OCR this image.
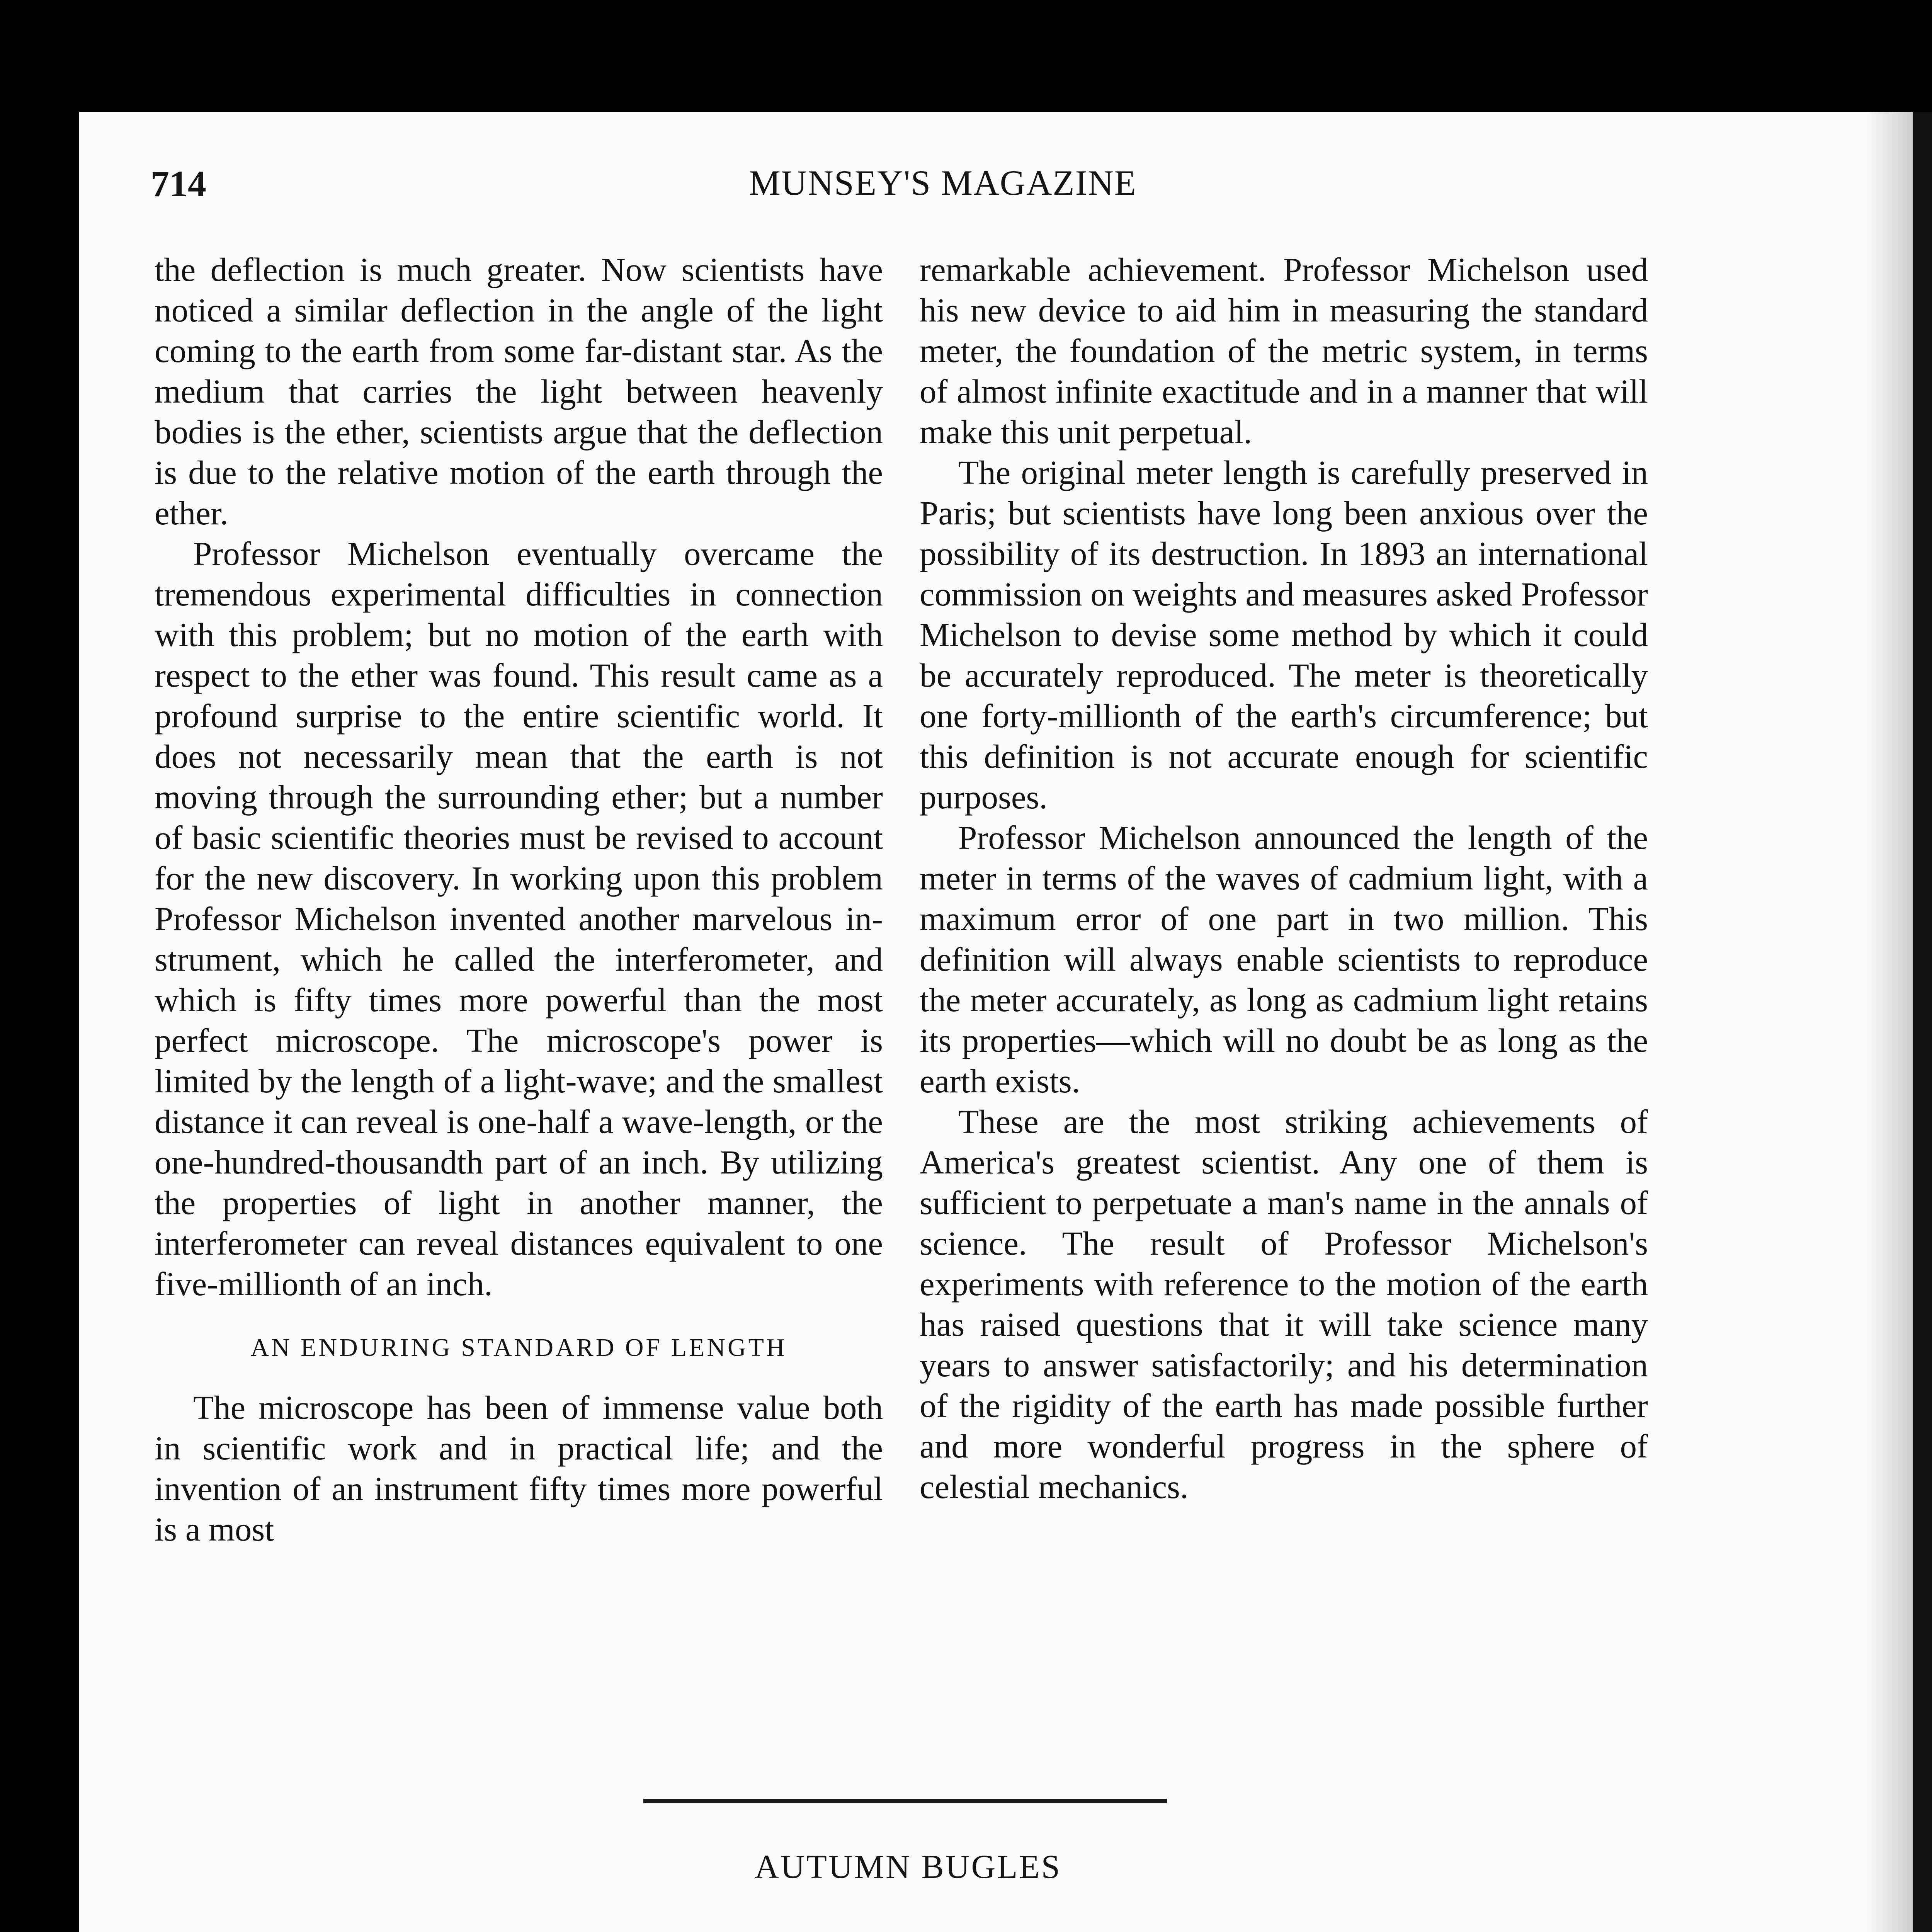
714	MUNSEY'S MAGAZINE

the deflection is much greater. Now scientists have noticed a similar deflection in the angle of the light coming to the earth from some far-distant star. As the medium that carries the light between heavenly bodies is the ether, scientists argue that the deflection is due to the relative motion of the earth through the ether.

Professor Michelson eventually overcame the tremendous experimental difficulties in connection with this problem; but no motion of the earth with respect to the ether was found. This result came as a profound surprise to the entire scientific world. It does not necessarily mean that the earth is not moving through the surrounding ether; but a number of basic scientific theories must be revised to account for the new discovery. In working upon this problem Professor Michelson invented another marvelous instrument, which he called the interferometer, and which is fifty times more powerful than the most perfect microscope. The microscope's power is limited by the length of a light-wave; and the smallest distance it can reveal is one-half a wave-length, or the one-hundred-thousandth part of an inch. By utilizing the properties of light in another manner, the interferometer can reveal distances equivalent to one five-millionth of an inch.

AN ENDURING STANDARD OF LENGTH

The microscope has been of immense value both in scientific work and in practical life; and the invention of an instrument fifty times more powerful is a most

remarkable achievement. Professor Michelson used his new device to aid him in measuring the standard meter, the foundation of the metric system, in terms of almost infinite exactitude and in a manner that will make this unit perpetual.

The original meter length is carefully preserved in Paris; but scientists have long been anxious over the possibility of its destruction. In 1893 an international commission on weights and measures asked Professor Michelson to devise some method by which it could be accurately reproduced. The meter is theoretically one forty-millionth of the earth's circumference; but this definition is not accurate enough for scientific purposes.

Professor Michelson announced the length of the meter in terms of the waves of cadmium light, with a maximum error of one part in two million. This definition will always enable scientists to reproduce the meter accurately, as long as cadmium light retains its properties—which will no doubt be as long as the earth exists.

These are the most striking achievements of America's greatest scientist. Any one of them is sufficient to perpetuate a man's name in the annals of science. The result of Professor Michelson's experiments with reference to the motion of the earth has raised questions that it will take science many years to answer satisfactorily; and his determination of the rigidity of the earth has made possible further and more wonderful progress in the sphere of celestial mechanics.

AUTUMN BUGLES
